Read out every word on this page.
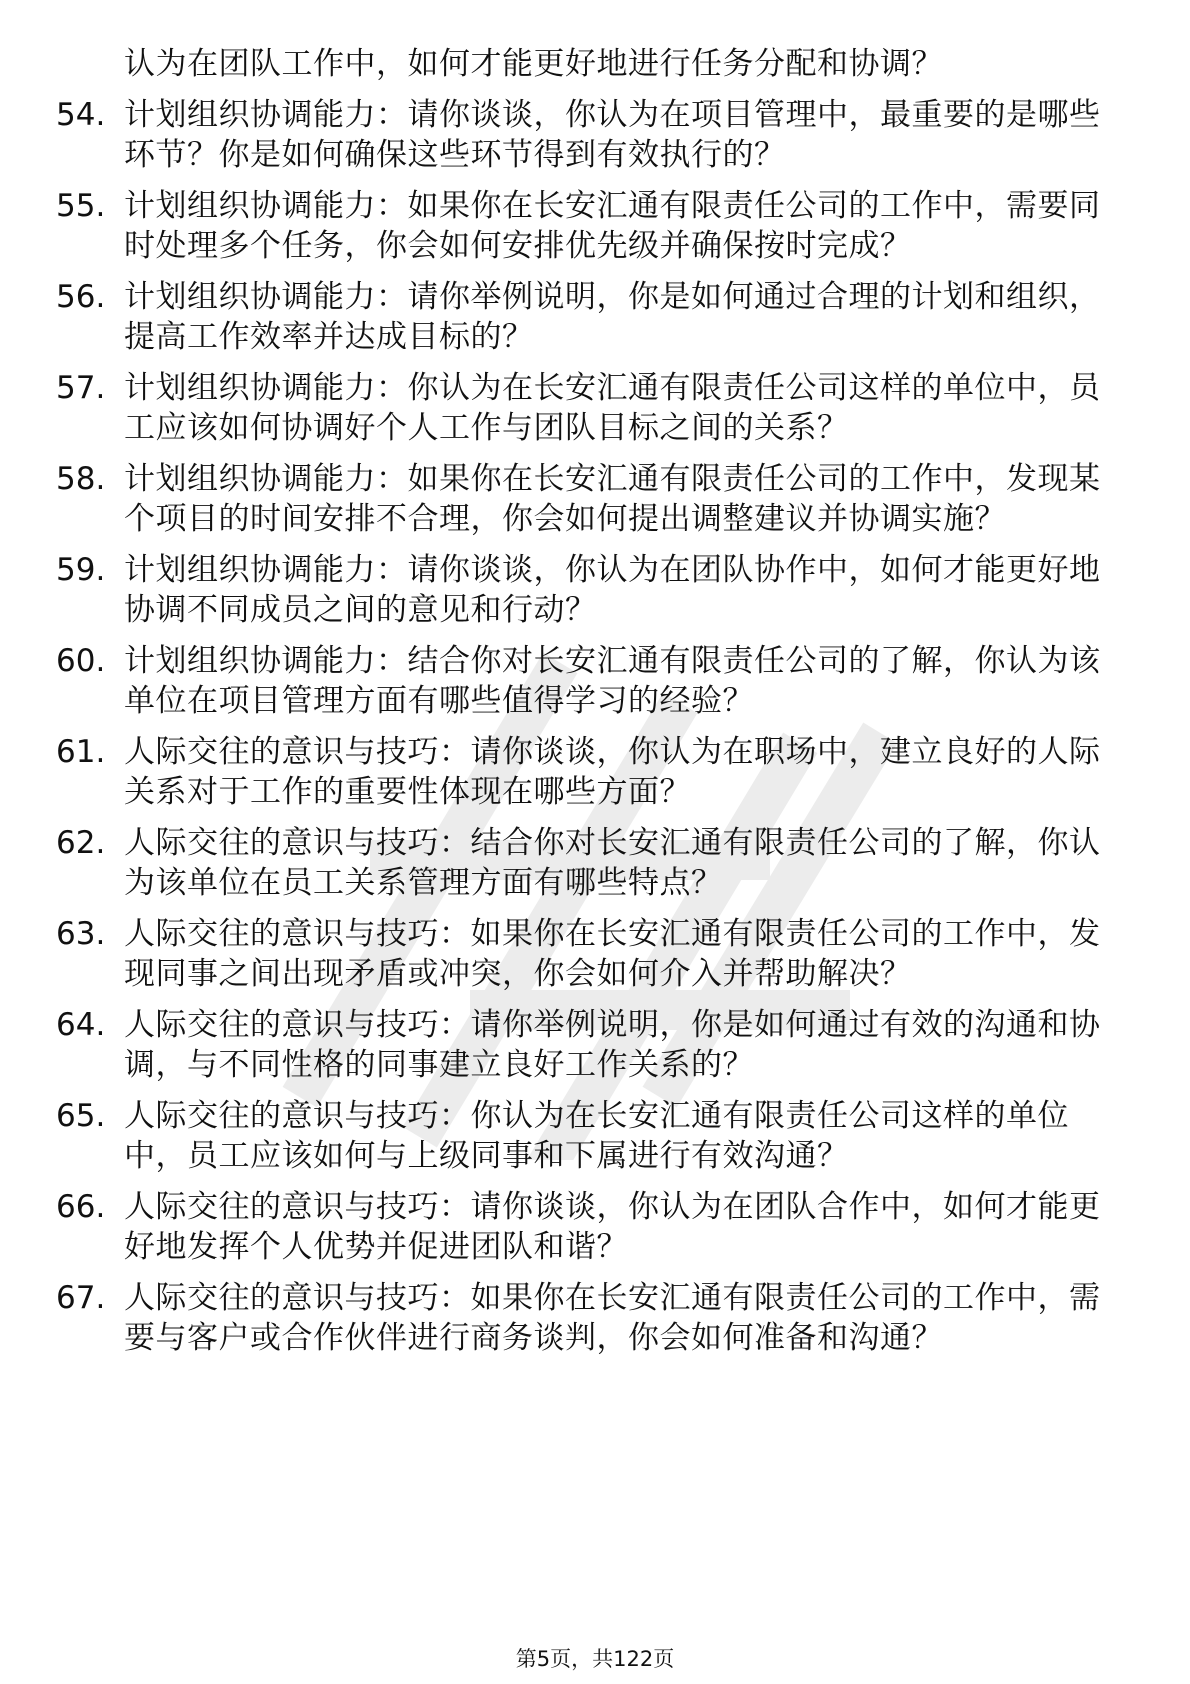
认为在团队工作中，如何才能更好地进行任务分配和协调？

54. 计划组织协调能力：请你谈谈，你认为在项目管理中，最重要的是哪些环节？你是如何确保这些环节得到有效执行的？
55. 计划组织协调能力：如果你在长安汇通有限责任公司的工作中，需要同时处理多个任务，你会如何安排优先级并确保按时完成？
56. 计划组织协调能力：请你举例说明，你是如何通过合理的计划和组织，提高工作效率并达成目标的？
57. 计划组织协调能力：你认为在长安汇通有限责任公司这样的单位中，员工应该如何协调好个人工作与团队目标之间的关系？
58. 计划组织协调能力：如果你在长安汇通有限责任公司的工作中，发现某个项目的时间安排不合理，你会如何提出调整建议并协调实施？
59. 计划组织协调能力：请你谈谈，你认为在团队协作中，如何才能更好地协调不同成员之间的意见和行动？
60. 计划组织协调能力：结合你对长安汇通有限责任公司的了解，你认为该单位在项目管理方面有哪些值得学习的经验？
61. 人际交往的意识与技巧：请你谈谈，你认为在职场中，建立良好的人际关系对于工作的重要性体现在哪些方面？
62. 人际交往的意识与技巧：结合你对长安汇通有限责任公司的了解，你认为该单位在员工关系管理方面有哪些特点？
63. 人际交往的意识与技巧：如果你在长安汇通有限责任公司的工作中，发现同事之间出现矛盾或冲突，你会如何介入并帮助解决？
64. 人际交往的意识与技巧：请你举例说明，你是如何通过有效的沟通和协调，与不同性格的同事建立良好工作关系的？
65. 人际交往的意识与技巧：你认为在长安汇通有限责任公司这样的单位中，员工应该如何与上级同事和下属进行有效沟通？
66. 人际交往的意识与技巧：请你谈谈，你认为在团队合作中，如何才能更好地发挥个人优势并促进团队和谐？
67. 人际交往的意识与技巧：如果你在长安汇通有限责任公司的工作中，需要与客户或合作伙伴进行商务谈判，你会如何准备和沟通？
第5页，共122页
